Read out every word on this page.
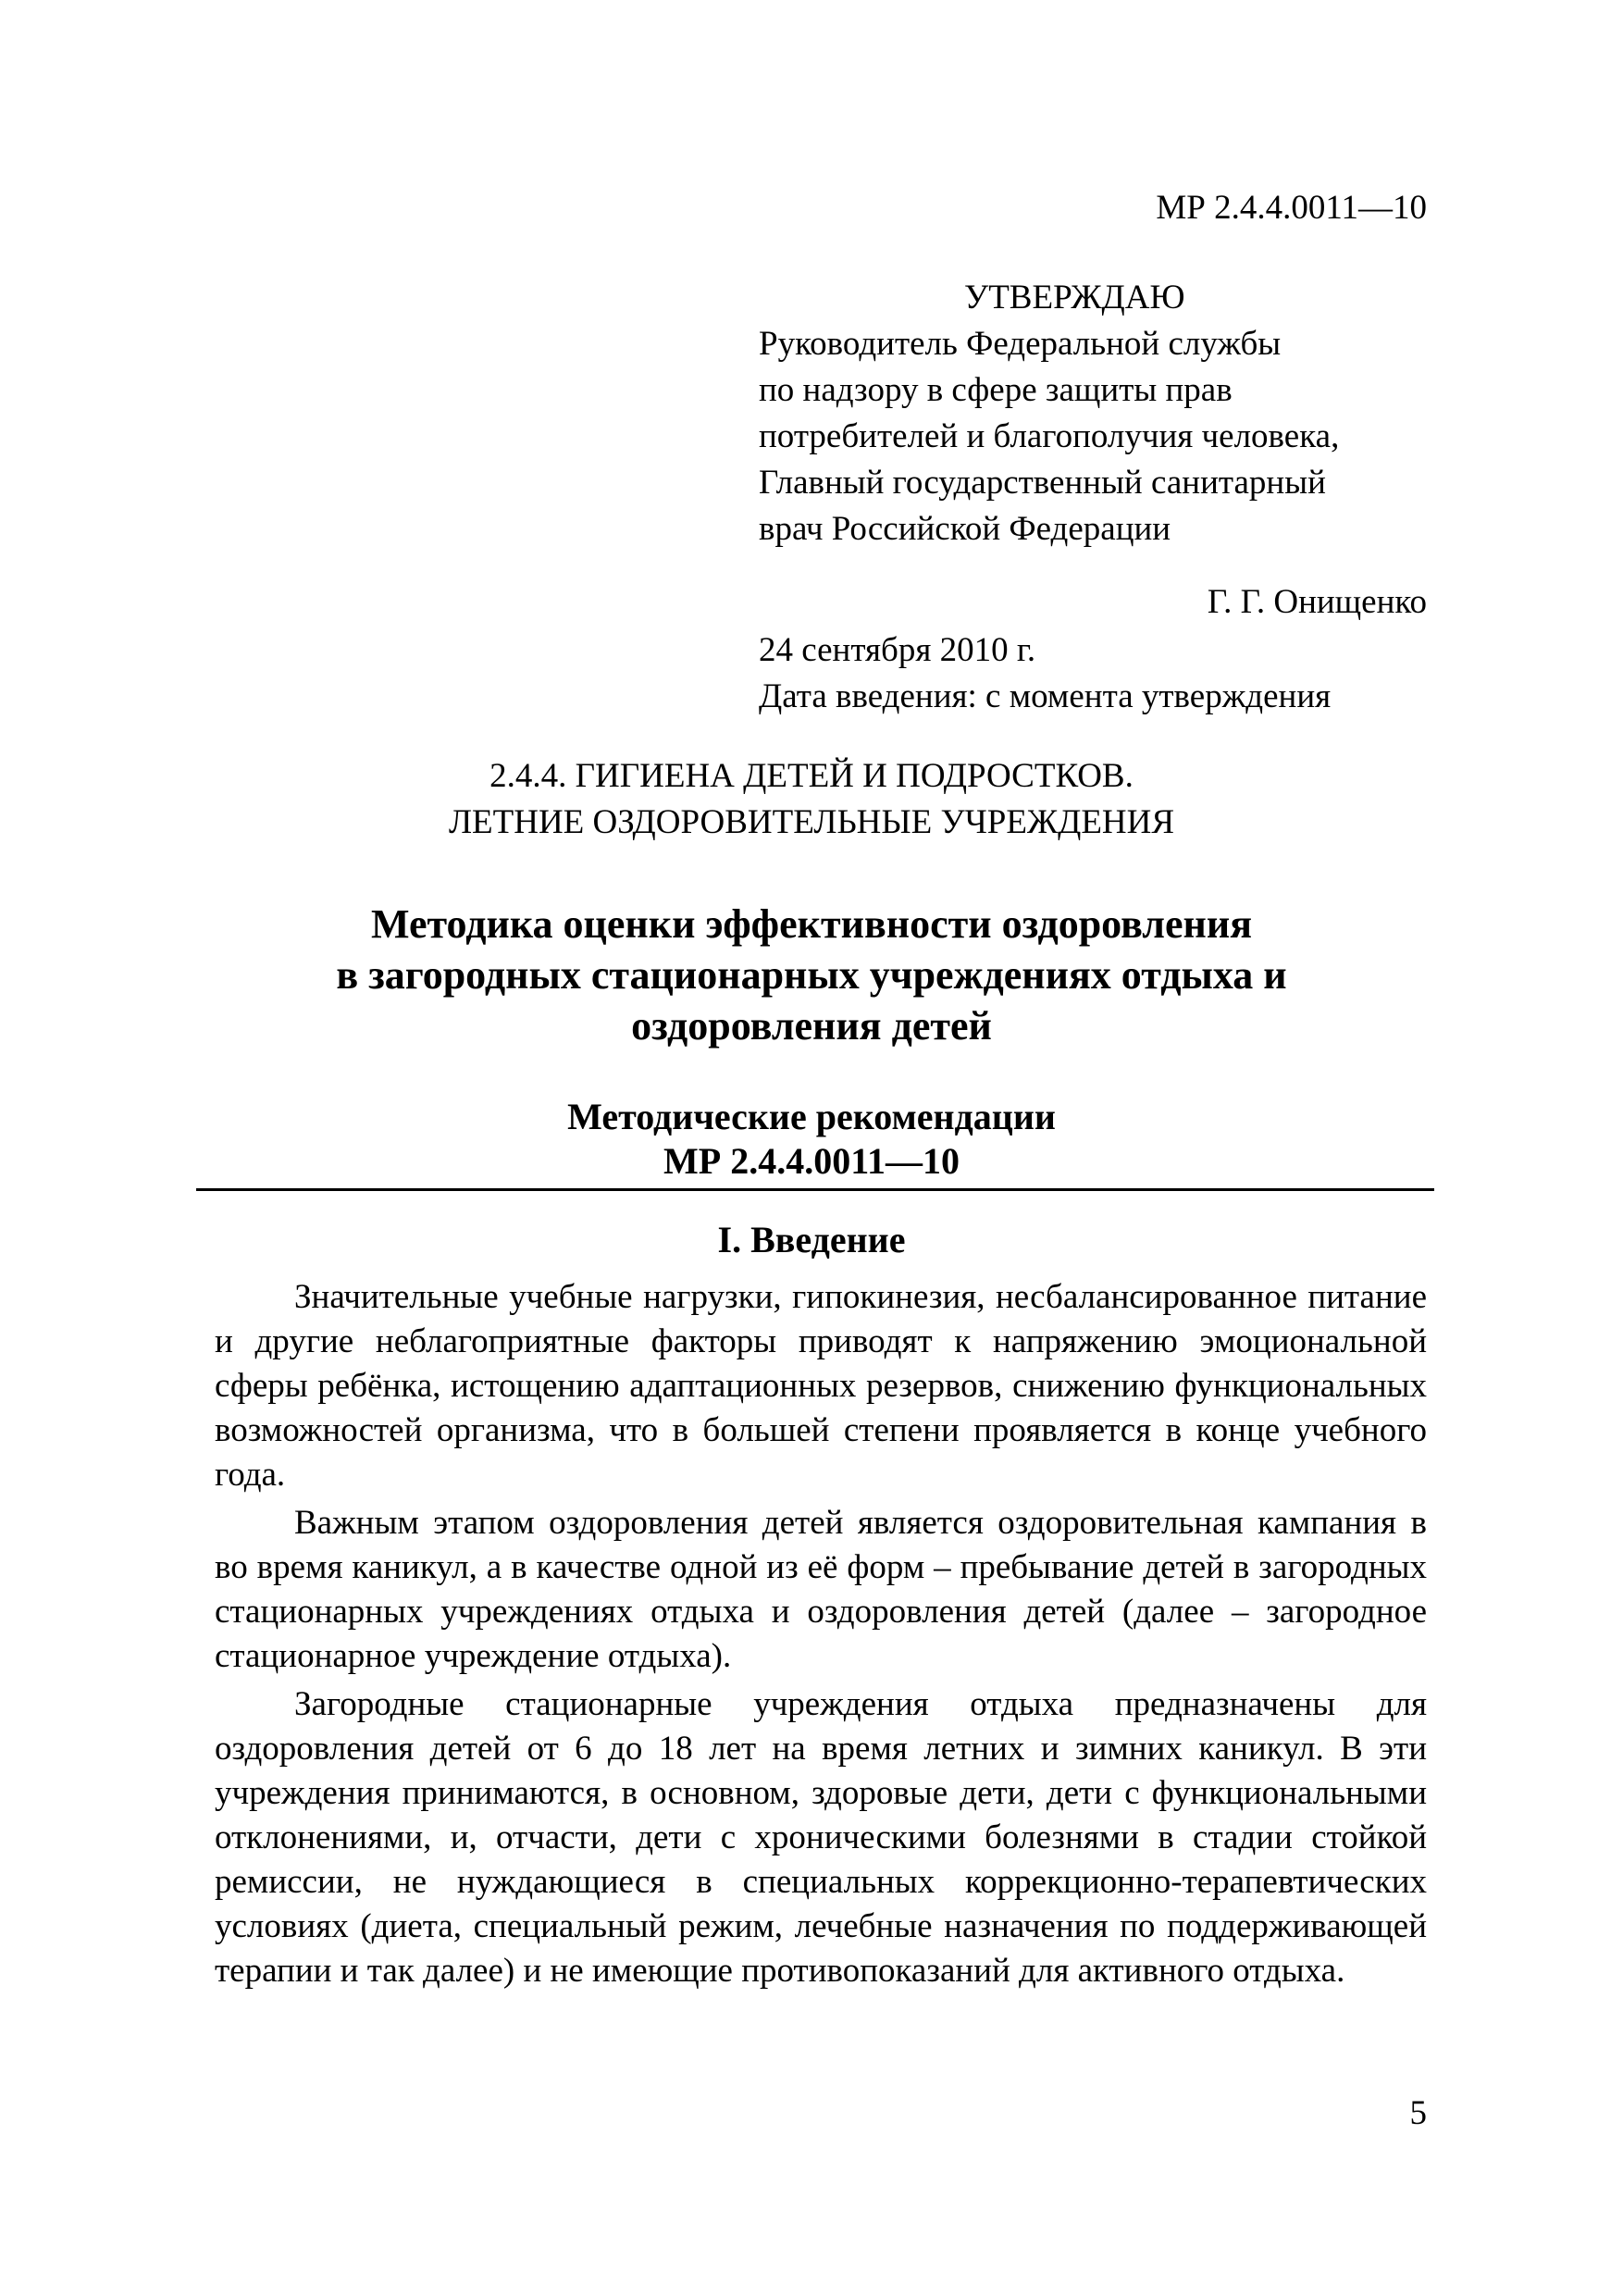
МР 2.4.4.0011—10
УТВЕРЖДАЮ
Руководитель Федеральной службы
по надзору в сфере защиты прав
потребителей и благополучия человека,
Главный государственный санитарный
врач Российской Федерации
Г. Г. Онищенко
24 сентября 2010 г.
Дата введения: с момента утверждения
2.4.4. ГИГИЕНА ДЕТЕЙ И ПОДРОСТКОВ.
ЛЕТНИЕ ОЗДОРОВИТЕЛЬНЫЕ УЧРЕЖДЕНИЯ
Методика оценки эффективности оздоровления
в загородных стационарных учреждениях отдыха и
оздоровления детей
Методические рекомендации
МР 2.4.4.0011—10
I. Введение

Значительные учебные нагрузки, гипокинезия, несбалансированное питание и другие неблагоприятные факторы приводят к напряжению эмоциональной сферы ребёнка, истощению адаптационных резервов, снижению функциональных возможностей организма, что в большей степени проявляется в конце учебного года.

Важным этапом оздоровления детей является оздоровительная кампания в во время каникул, а в качестве одной из её форм – пребывание детей в загородных стационарных учреждениях отдыха и оздоровления детей (далее – загородное стационарное учреждение отдыха).

Загородные стационарные учреждения отдыха предназначены для оздоровления детей от 6 до 18 лет на время летних и зимних каникул. В эти учреждения принимаются, в основном, здоровые дети, дети с функциональными отклонениями, и, отчасти, дети с хроническими болезнями в стадии стойкой ремиссии, не нуждающиеся в специальных коррекционно-терапевтических условиях (диета, специальный режим, лечебные назначения по поддерживающей терапии и так далее) и не имеющие противопоказаний для активного отдыха.

5
